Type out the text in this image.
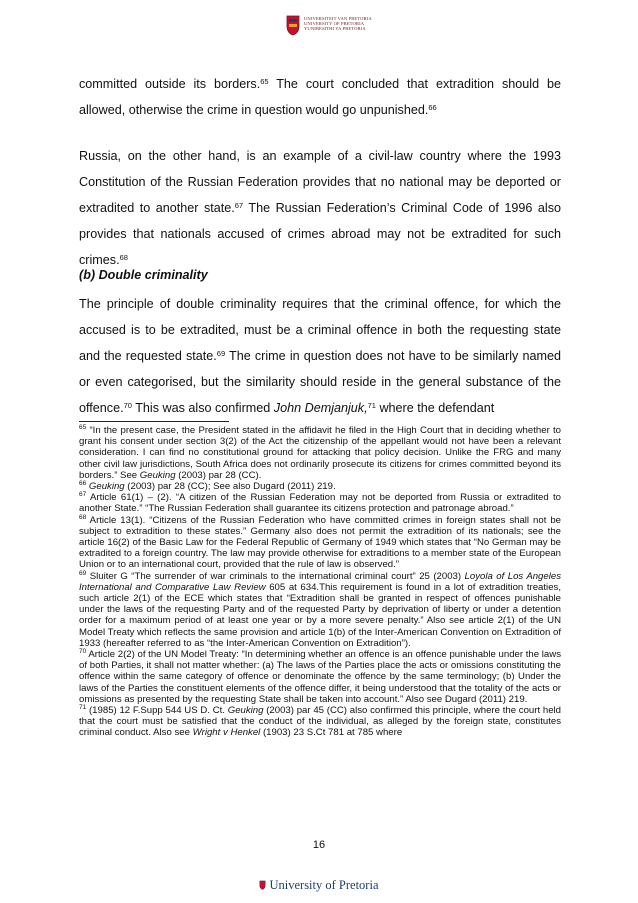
UNIVERSITEIT VAN PRETORIA
UNIVERSITY OF PRETORIA
YUNIBESITHI YA PRETORIA

committed outside its borders.$^{65}$ The court concluded that extradition should be allowed, otherwise the crime in question would go unpunished.$^{66}$

Russia, on the other hand, is an example of a civil-law country where the 1993 Constitution of the Russian Federation provides that no national may be deported or extradited to another state.$^{67}$ The Russian Federation’s Criminal Code of 1996 also provides that nationals accused of crimes abroad may not be extradited for such crimes.$^{68}$

(b) Double criminality

The principle of double criminality requires that the criminal offence, for which the accused is to be extradited, must be a criminal offence in both the requesting state and the requested state.$^{69}$ The crime in question does not have to be similarly named or even categorised, but the similarity should reside in the general substance of the offence.$^{70}$ This was also confirmed John Demjanjuk,$^{71}$ where the defendant

$^{65}$ “In the present case, the President stated in the affidavit he filed in the High Court that in deciding whether to grant his consent under section 3(2) of the Act the citizenship of the appellant would not have been a relevant consideration. I can find no constitutional ground for attacking that policy decision. Unlike the FRG and many other civil law jurisdictions, South Africa does not ordinarily prosecute its citizens for crimes committed beyond its borders.” See Geuking (2003) par 28 (CC).

$^{66}$ Geuking (2003) par 28 (CC); See also Dugard (2011) 219.

$^{67}$ Article 61(1) – (2). “A citizen of the Russian Federation may not be deported from Russia or extradited to another State.” “The Russian Federation shall guarantee its citizens protection and patronage abroad.”

$^{68}$ Article 13(1). “Citizens of the Russian Federation who have committed crimes in foreign states shall not be subject to extradition to these states.” Germany also does not permit the extradition of its nationals; see the article 16(2) of the Basic Law for the Federal Republic of Germany of 1949 which states that “No German may be extradited to a foreign country. The law may provide otherwise for extraditions to a member state of the European Union or to an international court, provided that the rule of law is observed.”

$^{69}$ Sluiter G “The surrender of war criminals to the international criminal court” 25 (2003) Loyola of Los Angeles International and Comparative Law Review 605 at 634.This requirement is found in a lot of extradition treaties, such article 2(1) of the ECE which states that “Extradition shall be granted in respect of offences punishable under the laws of the requesting Party and of the requested Party by deprivation of liberty or under a detention order for a maximum period of at least one year or by a more severe penalty.” Also see article 2(1) of the UN Model Treaty which reflects the same provision and article 1(b) of the Inter-American Convention on Extradition of 1933 (hereafter referred to as “the Inter-American Convention on Extradition”).

$^{70}$ Article 2(2) of the UN Model Treaty: “In determining whether an offence is an offence punishable under the laws of both Parties, it shall not matter whether: (a) The laws of the Parties place the acts or omissions constituting the offence within the same category of offence or denominate the offence by the same terminology; (b) Under the laws of the Parties the constituent elements of the offence differ, it being understood that the totality of the acts or omissions as presented by the requesting State shall be taken into account.” Also see Dugard (2011) 219.

$^{71}$ (1985) 12 F.Supp 544 US D. Ct. Geuking (2003) par 45 (CC) also confirmed this principle, where the court held that the court must be satisfied that the conduct of the individual, as alleged by the foreign state, constitutes criminal conduct. Also see Wright v Henkel (1903) 23 S.Ct 781 at 785 where

16
University of Pretoria
